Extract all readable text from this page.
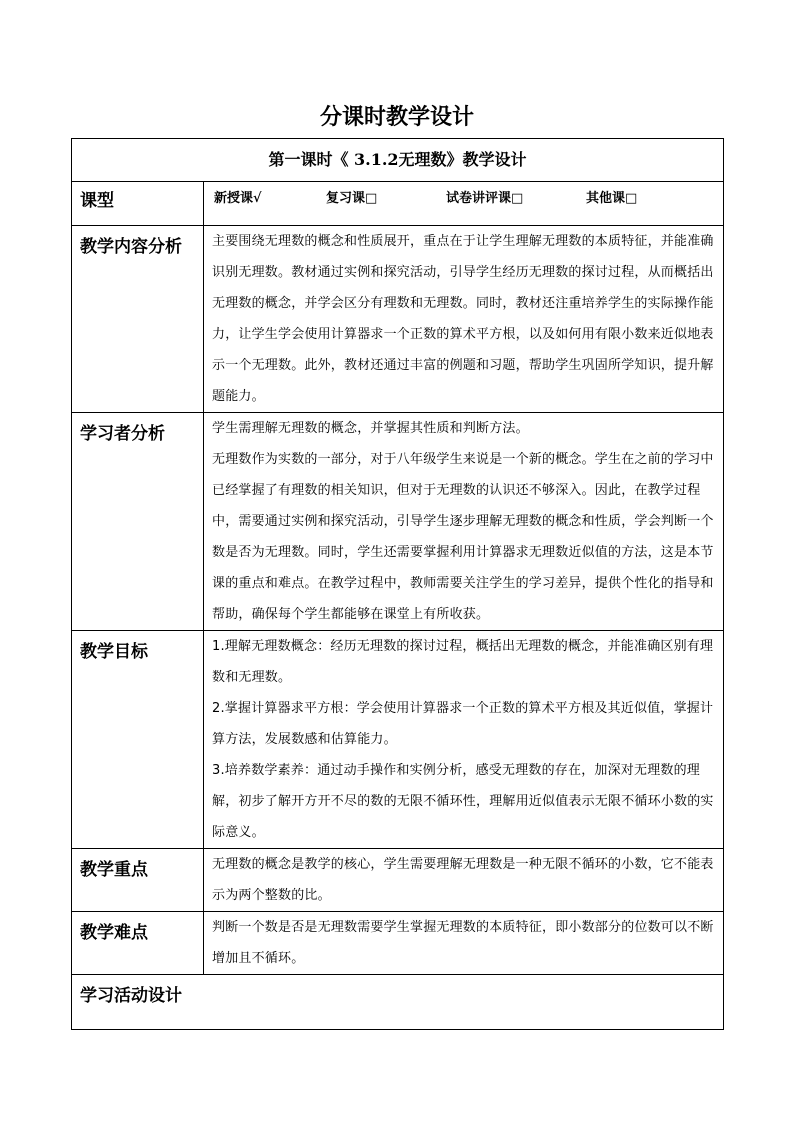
分课时教学设计
第一课时《 3.1.2无理数》教学设计	
课型	新授课√ 复习课□ 试卷讲评课□ 其他课□
教学内容分析	主要围绕无理数的概念和性质展开，重点在于让学生理解无理数的本质特征，并能准确识别无理数。教材通过实例和探究活动，引导学生经历无理数的探讨过程，从而概括出无理数的概念，并学会区分有理数和无理数。同时，教材还注重培养学生的实际操作能力，让学生学会使用计算器求一个正数的算术平方根，以及如何用有限小数来近似地表示一个无理数。此外，教材还通过丰富的例题和习题，帮助学生巩固所学知识，提升解题能力。

学习者分析	学生需理解无理数的概念，并掌握其性质和判断方法。

无理数作为实数的一部分，对于八年级学生来说是一个新的概念。学生在之前的学习中已经掌握了有理数的相关知识，但对于无理数的认识还不够深入。因此，在教学过程中，需要通过实例和探究活动，引导学生逐步理解无理数的概念和性质，学会判断一个数是否为无理数。同时，学生还需要掌握利用计算器求无理数近似值的方法，这是本节课的重点和难点。在教学过程中，教师需要关注学生的学习差异，提供个性化的指导和帮助，确保每个学生都能够在课堂上有所收获。

教学目标	1.理解无理数概念：经历无理数的探讨过程，概括出无理数的概念，并能准确区别有理数和无理数。

2.掌握计算器求平方根：学会使用计算器求一个正数的算术平方根及其近似值，掌握计算方法，发展数感和估算能力。

3.培养数学素养：通过动手操作和实例分析，感受无理数的存在，加深对无理数的理解，初步了解开方开不尽的数的无限不循环性，理解用近似值表示无限不循环小数的实际意义。

教学重点	无理数的概念是教学的核心，学生需要理解无理数是一种无限不循环的小数，它不能表示为两个整数的比。

教学难点	判断一个数是否是无理数需要学生掌握无理数的本质特征，即小数部分的位数可以不断增加且不循环。

学习活动设计	
